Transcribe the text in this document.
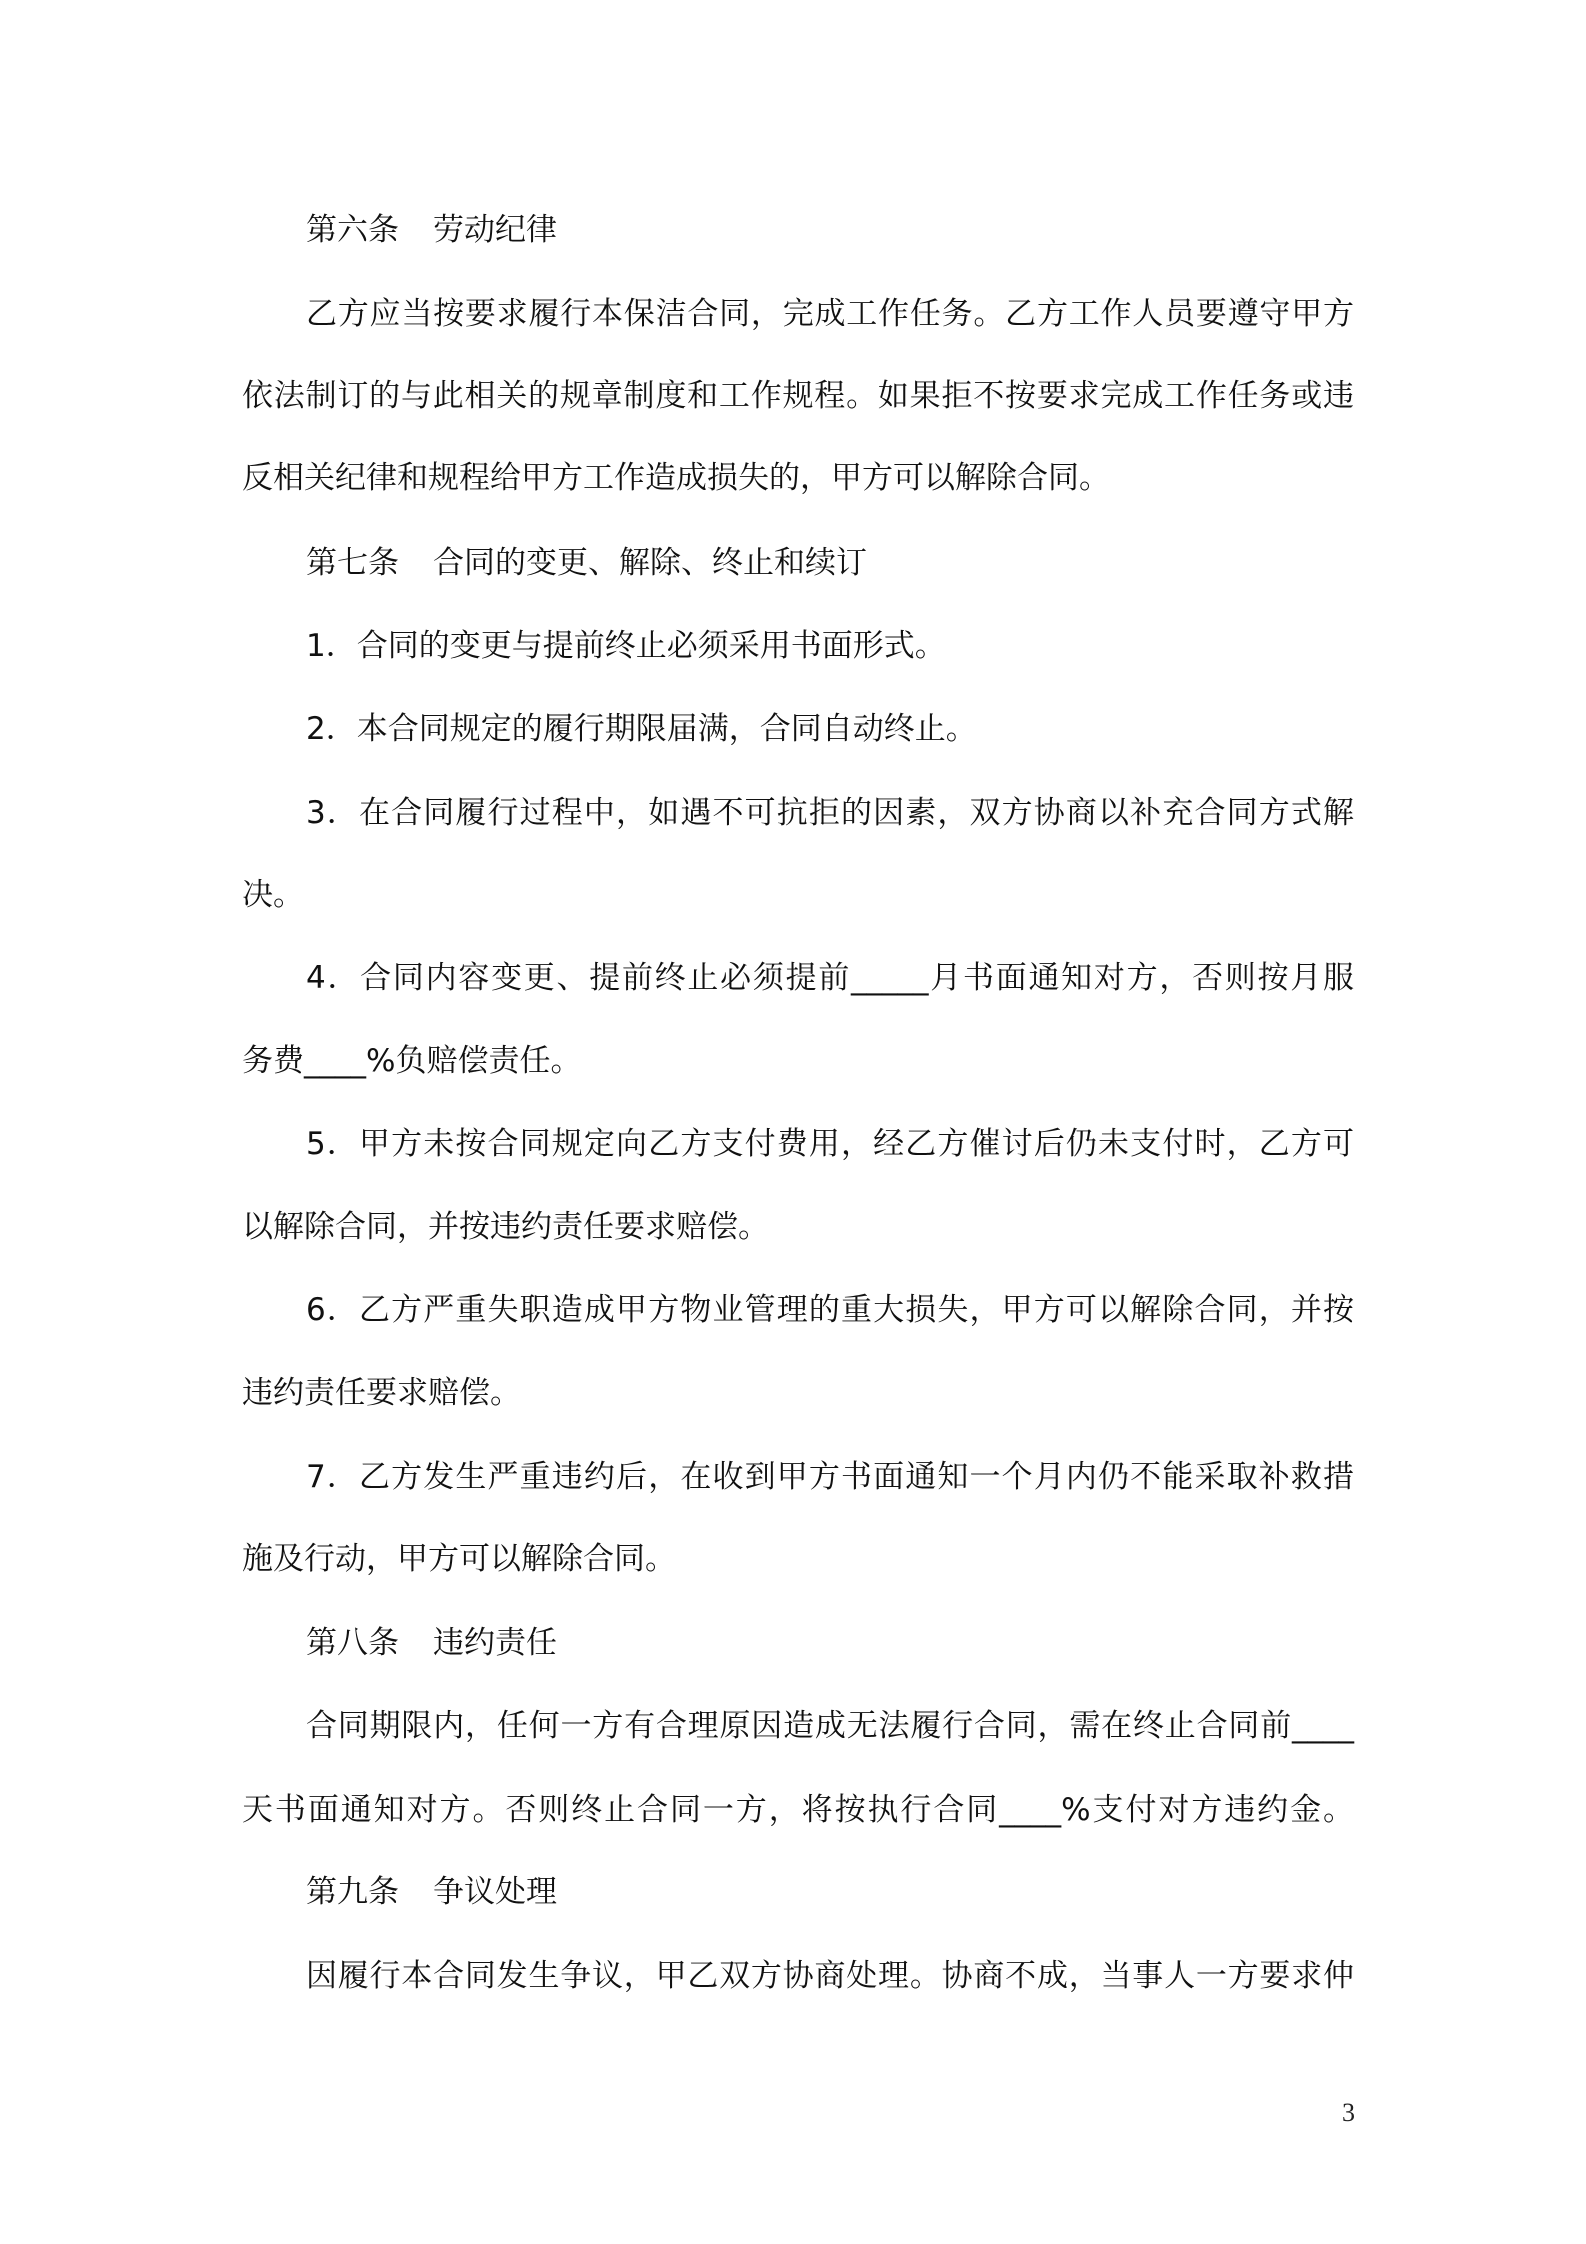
第六条 劳动纪律
乙方应当按要求履行本保洁合同，完成工作任务。乙方工作人员要遵守甲方
依法制订的与此相关的规章制度和工作规程。如果拒不按要求完成工作任务或违
反相关纪律和规程给甲方工作造成损失的，甲方可以解除合同。
第七条 合同的变更、解除、终止和续订
1．合同的变更与提前终止必须采用书面形式。
2．本合同规定的履行期限届满，合同自动终止。
3．在合同履行过程中，如遇不可抗拒的因素，双方协商以补充合同方式解
决。
4．合同内容变更、提前终止必须提前_____月书面通知对方，否则按月服
务费____%负赔偿责任。
5．甲方未按合同规定向乙方支付费用，经乙方催讨后仍未支付时，乙方可
以解除合同，并按违约责任要求赔偿。
6．乙方严重失职造成甲方物业管理的重大损失，甲方可以解除合同，并按
违约责任要求赔偿。
7．乙方发生严重违约后，在收到甲方书面通知一个月内仍不能采取补救措
施及行动，甲方可以解除合同。
第八条 违约责任
合同期限内，任何一方有合理原因造成无法履行合同，需在终止合同前____
天书面通知对方。否则终止合同一方，将按执行合同____%支付对方违约金。
第九条 争议处理
因履行本合同发生争议，甲乙双方协商处理。协商不成，当事人一方要求仲
3
